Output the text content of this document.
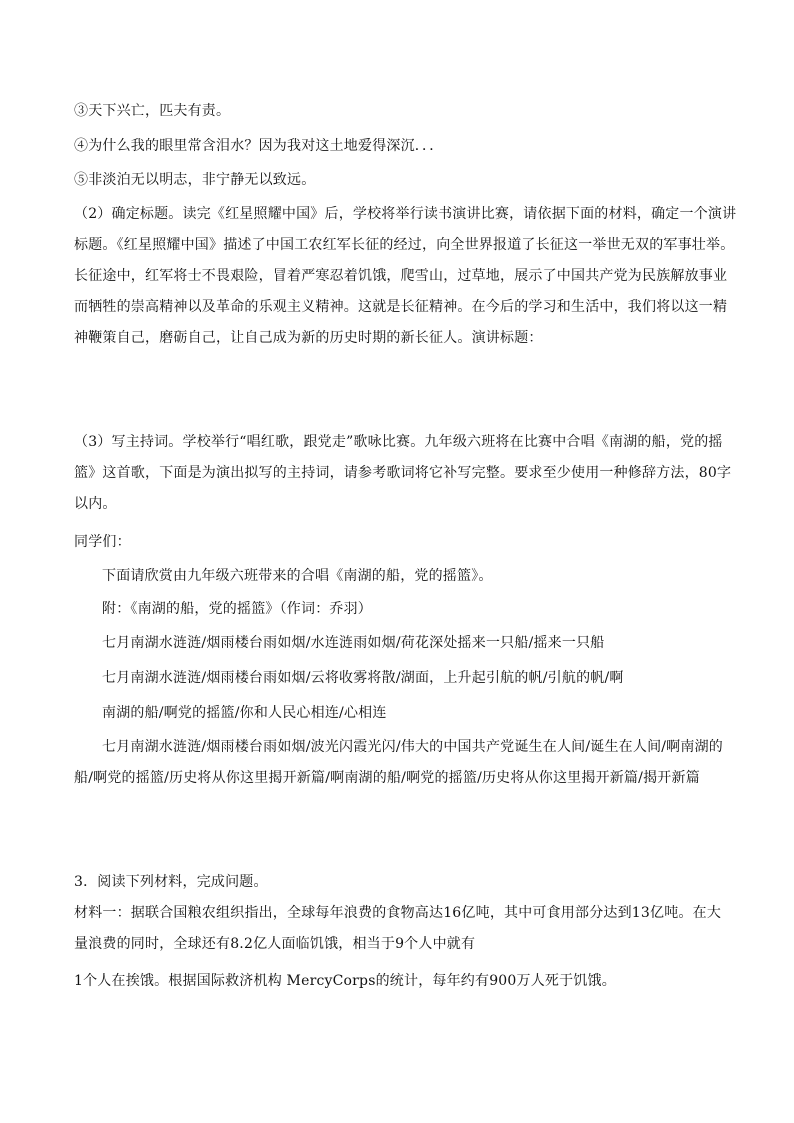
③天下兴亡，匹夫有责。
④为什么我的眼里常含泪水？因为我对这土地爱得深沉．．．
⑤非淡泊无以明志，非宁静无以致远。
（2）确定标题。读完《红星照耀中国》后，学校将举行读书演讲比赛，请依据下面的材料，确定一个演讲
标题。《红星照耀中国》描述了中国工农红军长征的经过，向全世界报道了长征这一举世无双的军事壮举。
长征途中，红军将士不畏艰险，冒着严寒忍着饥饿，爬雪山，过草地，展示了中国共产党为民族解放事业
而牺牲的崇高精神以及革命的乐观主义精神。这就是长征精神。在今后的学习和生活中，我们将以这一精
神鞭策自己，磨砺自己，让自己成为新的历史时期的新长征人。演讲标题：
（3）写主持词。学校举行“唱红歌，跟党走”歌咏比赛。九年级六班将在比赛中合唱《南湖的船，党的摇
篮》这首歌，下面是为演出拟写的主持词，请参考歌词将它补写完整。要求至少使用一种修辞方法，80字
以内。
同学们：
下面请欣赏由九年级六班带来的合唱《南湖的船，党的摇篮》。
附：《南湖的船，党的摇篮》（作词：乔羽）
七月南湖水涟涟/烟雨楼台雨如烟/水连涟雨如烟/荷花深处摇来一只船/摇来一只船
七月南湖水涟涟/烟雨楼台雨如烟/云将收雾将散/湖面，上升起引航的帆/引航的帆/啊
南湖的船/啊党的摇篮/你和人民心相连/心相连
七月南湖水涟涟/烟雨楼台雨如烟/波光闪霞光闪/伟大的中国共产党诞生在人间/诞生在人间/啊南湖的
船/啊党的摇篮/历史将从你这里揭开新篇/啊南湖的船/啊党的摇篮/历史将从你这里揭开新篇/揭开新篇
3．阅读下列材料，完成问题。
材料一：据联合国粮农组织指出，全球每年浪费的食物高达16亿吨，其中可食用部分达到13亿吨。在大
量浪费的同时，全球还有8.2亿人面临饥饿，相当于9个人中就有
1个人在挨饿。根据国际救济机构 MercyCorps的统计，每年约有900万人死于饥饿。
